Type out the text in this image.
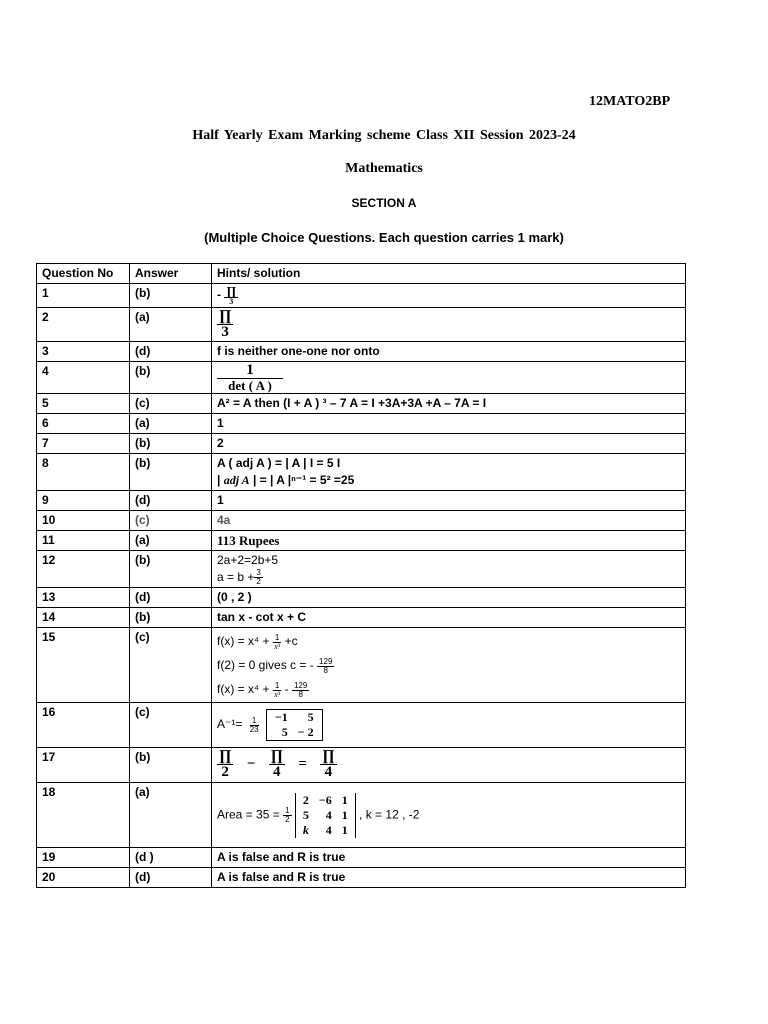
12MATO2BP
Half Yearly Exam Marking scheme Class XII Session 2023-24
Mathematics
SECTION A
(Multiple Choice Questions. Each question carries 1 mark)
Question No	Answer	Hints/ solution
1	(b)	- $\frac{\prod}{3}$

2	(a)	$\frac{\prod}{3}$

3	(d)	f is neither one-one nor onto
4	(b)	$\frac{1}{\det ( A )}$

5	(c)	A² = A then (I + A ) ³ – 7 A = I +3A+3A +A – 7A = I
6	(a)	1
7	(b)	2
8	(b)	A ( adj A ) = | A | I = 5 I
| adj A | = | A |ⁿ⁻¹ = 5² =25

9	(d)	1
10	(c)	4a
11	(a)	113 Rupees
12	(b)	2a+2=2b+5
$a = b + \frac{3}{2}$

13	(d)	(0 , 2 )
14	(b)	tan x - cot x + C
15	(c)	$f(x) = x^4 + \frac{1}{\text{x³}} +c$
f(2) = 0 gives c = - $\frac{129}{8}$
$f(x) = x^4 + \frac{1}{\text{x³}} - \frac{129}{8}$

16	(c)	$A^{-1}= \frac{1}{23}$
−1	5
5	− 2

17	(b)	$\frac{\prod}{2} - \frac{\prod}{4} = \frac{\prod}{4}$

18	(a)	Area = $35 = \frac{1}{2}$

2	−6	1
5	4	1
k	4	1
, k = 12 , -2
19	(d )	A is false and R is true
20	(d)	A is false and R is true
